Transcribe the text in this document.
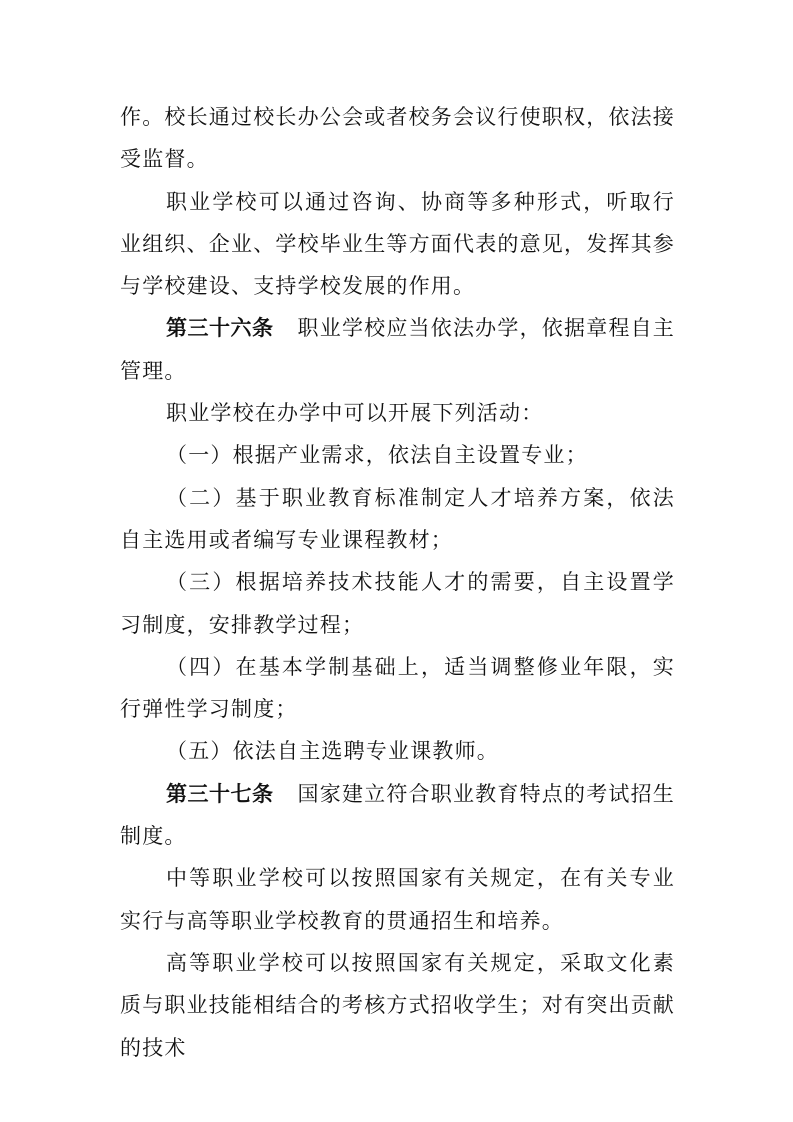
作。校长通过校长办公会或者校务会议行使职权，依法接受监督。

职业学校可以通过咨询、协商等多种形式，听取行业组织、企业、学校毕业生等方面代表的意见，发挥其参与学校建设、支持学校发展的作用。

第三十六条 职业学校应当依法办学，依据章程自主管理。

职业学校在办学中可以开展下列活动：

（一）根据产业需求，依法自主设置专业；

（二）基于职业教育标准制定人才培养方案，依法自主选用或者编写专业课程教材；

（三）根据培养技术技能人才的需要，自主设置学习制度，安排教学过程；

（四）在基本学制基础上，适当调整修业年限，实行弹性学习制度；

（五）依法自主选聘专业课教师。

第三十七条 国家建立符合职业教育特点的考试招生制度。

中等职业学校可以按照国家有关规定，在有关专业实行与高等职业学校教育的贯通招生和培养。

高等职业学校可以按照国家有关规定，采取文化素质与职业技能相结合的考核方式招收学生；对有突出贡献的技术
